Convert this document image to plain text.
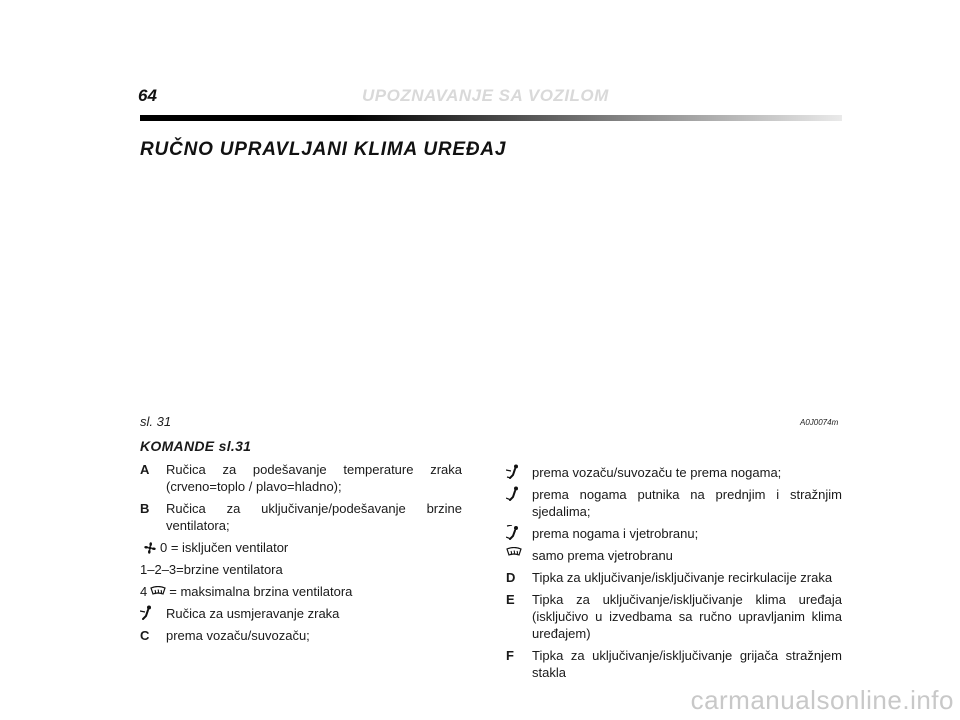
64	UPOZNAVANJE SA VOZILOM
RUČNO UPRAVLJANI KLIMA UREĐAJ
sl. 31	A0J0074m
KOMANDE sl.31
A	Ručica za podešavanje temperature zraka (crveno=toplo / plavo=hladno);
B	Ručica za uključivanje/podešavanje brzine ventilatora;
0 = isključen ventilator
1–2–3=brzine ventilatora
4 = maksimalna brzina ventilatora
Ručica za usmjeravanje zraka
C	prema vozaču/suvozaču;
prema vozaču/suvozaču te prema nogama;
prema nogama putnika na prednjim i stražnjim sjedalima;
prema nogama i vjetrobranu;
samo prema vjetrobranu
D	Tipka za uključivanje/isključivanje recirkulacije zraka
E	Tipka za uključivanje/isključivanje klima uređaja (isključivo u izvedbama sa ručno upravljanim klima uređajem)
F	Tipka za uključivanje/isključivanje grijača stražnjem stakla
carmanualsonline.info
